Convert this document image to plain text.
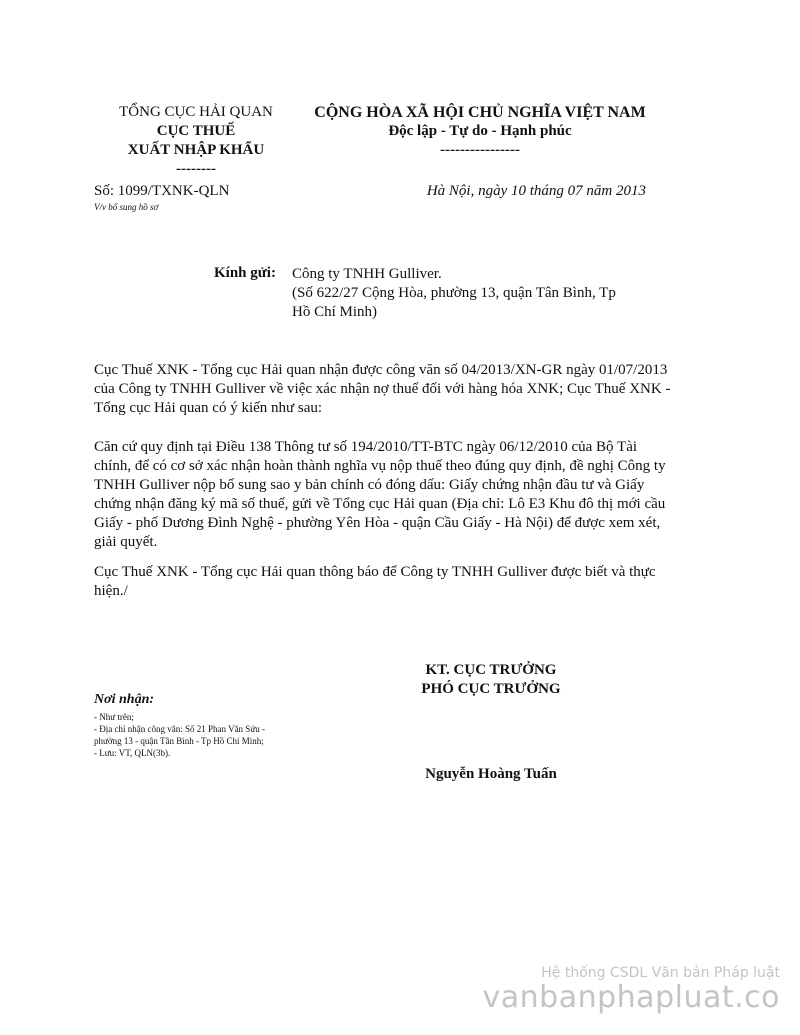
TỔNG CỤC HẢI QUAN
CỤC THUẾ
XUẤT NHẬP KHẨU
--------
CỘNG HÒA XÃ HỘI CHỦ NGHĨA VIỆT NAM
Độc lập - Tự do - Hạnh phúc
----------------
Số: 1099/TXNK-QLN
V/v bổ sung hồ sơ
Hà Nội, ngày 10 tháng 07 năm 2013
Kính gửi: Công ty TNHH Gulliver.
(Số 622/27 Cộng Hòa, phường 13, quận Tân Bình, Tp
Hồ Chí Minh)
Cục Thuế XNK - Tổng cục Hải quan nhận được công văn số 04/2013/XN-GR ngày 01/07/2013
của Công ty TNHH Gulliver về việc xác nhận nợ thuế đối với hàng hóa XNK; Cục Thuế XNK -
Tổng cục Hải quan có ý kiến như sau:
Căn cứ quy định tại Điều 138 Thông tư số 194/2010/TT-BTC ngày 06/12/2010 của Bộ Tài
chính, để có cơ sở xác nhận hoàn thành nghĩa vụ nộp thuế theo đúng quy định, đề nghị Công ty
TNHH Gulliver nộp bổ sung sao y bản chính có đóng dấu: Giấy chứng nhận đầu tư và Giấy
chứng nhận đăng ký mã số thuế, gửi về Tổng cục Hải quan (Địa chỉ: Lô E3 Khu đô thị mới cầu
Giấy - phố Dương Đình Nghệ - phường Yên Hòa - quận Cầu Giấy - Hà Nội) để được xem xét,
giải quyết.
Cục Thuế XNK - Tổng cục Hải quan thông báo để Công ty TNHH Gulliver được biết và thực
hiện./
KT. CỤC TRƯỞNG
PHÓ CỤC TRƯỞNG
Nguyễn Hoàng Tuấn
Nơi nhận:
- Như trên;
- Địa chỉ nhận công văn: Số 21 Phan Văn Sửu -
phường 13 - quận Tân Bình - Tp Hồ Chí Minh;
- Lưu: VT, QLN(3b).
Hệ thống CSDL Văn bản Pháp luật
vanbanphapluat.co
